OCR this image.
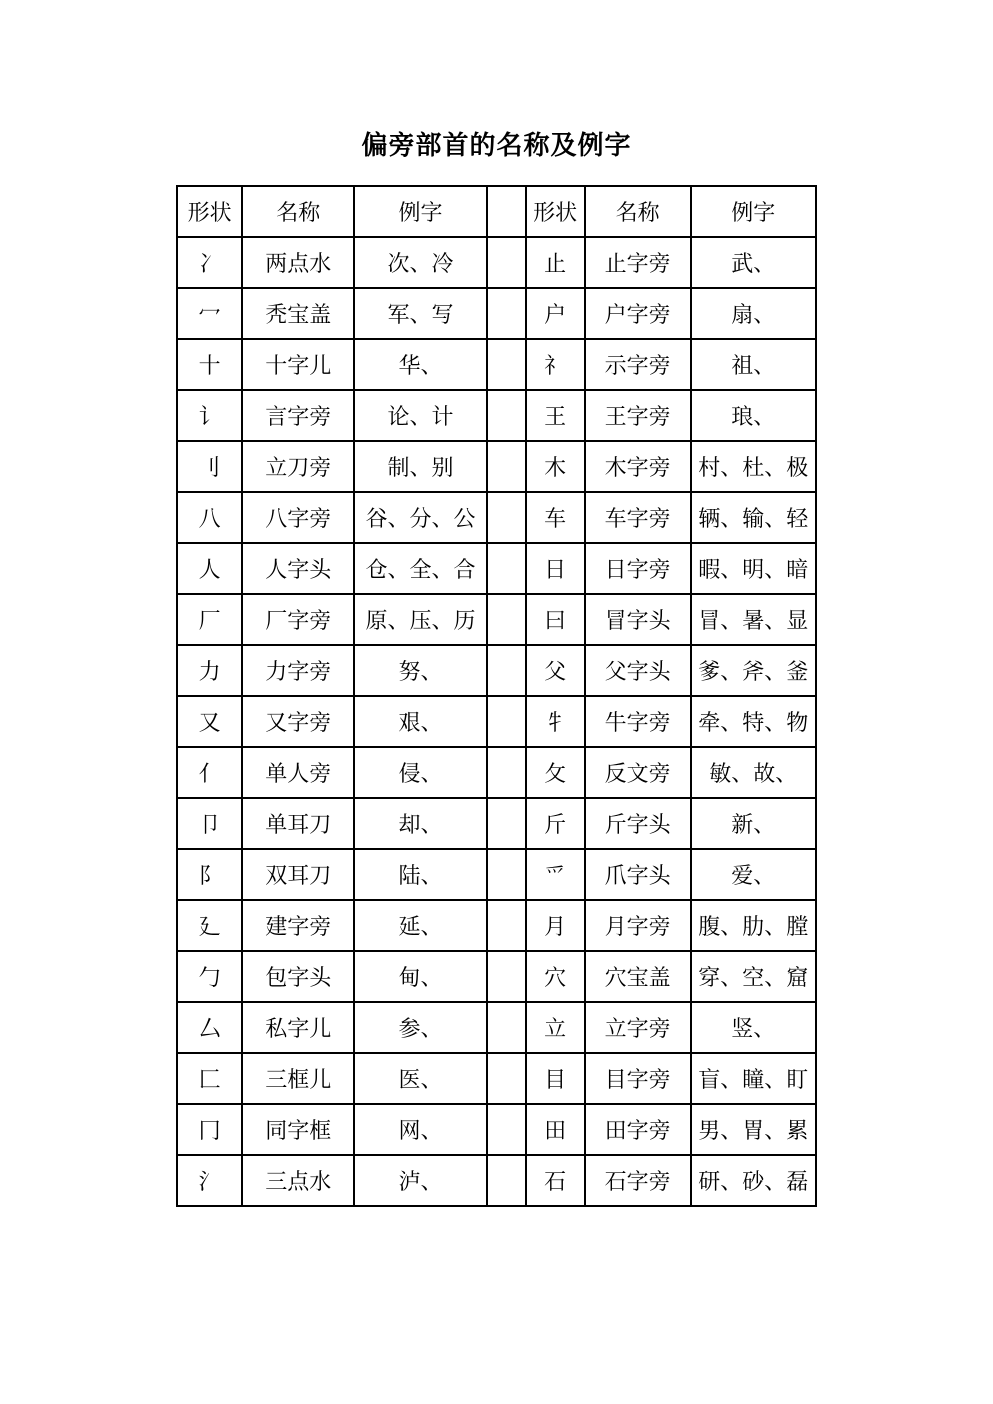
偏旁部首的名称及例字
形状	名称	例字		形状	名称	例字
冫	两点水	次、冷		止	止字旁	武、
冖	秃宝盖	军、写		户	户字旁	扇、
十	十字儿	华、		礻	示字旁	祖、
讠	言字旁	论、计		王	王字旁	琅、
刂	立刀旁	制、别		木	木字旁	村、杜、极
八	八字旁	谷、分、公		车	车字旁	辆、输、轻
人	人字头	仓、全、合		日	日字旁	暇、明、暗
厂	厂字旁	原、压、历		曰	冒字头	冒、暑、显
力	力字旁	努、		父	父字头	爹、斧、釜
又	又字旁	艰、		牜	牛字旁	牵、特、物
亻	单人旁	侵、		攵	反文旁	敏、故、
卩	单耳刀	却、		斤	斤字头	新、
阝	双耳刀	陆、		爫	爪字头	爱、
廴	建字旁	延、		月	月字旁	腹、肋、膛
勹	包字头	甸、		穴	穴宝盖	穿、空、窟
厶	私字儿	参、		立	立字旁	竖、
匚	三框儿	医、		目	目字旁	盲、瞳、盯
冂	同字框	网、		田	田字旁	男、胃、累
氵	三点水	泸、		石	石字旁	研、砂、磊
